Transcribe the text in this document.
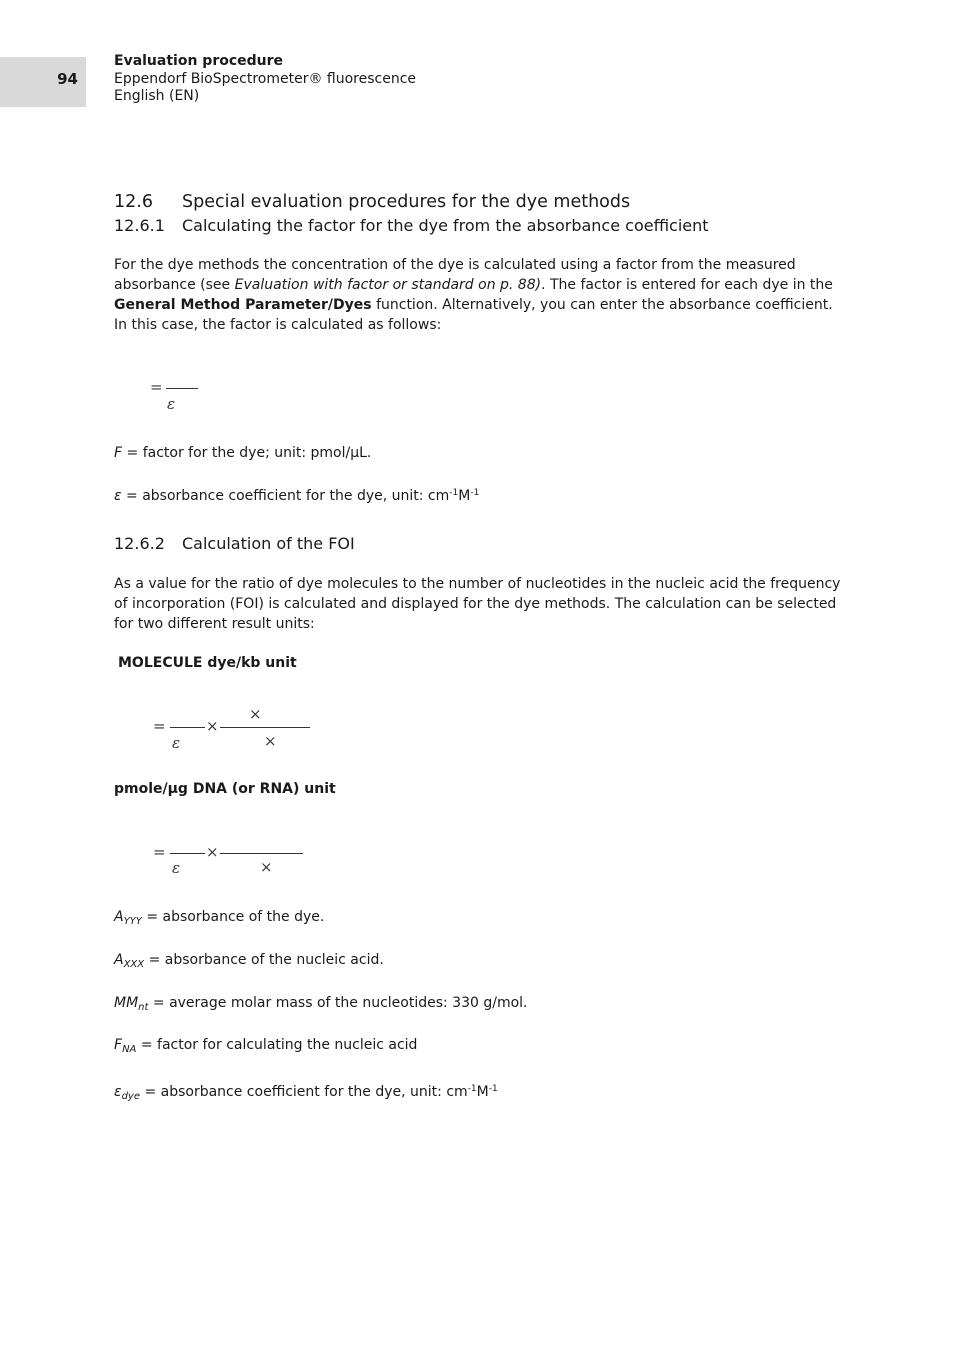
94
Evaluation procedure
Eppendorf BioSpectrometer® fluorescence
English (EN)
12.6 Special evaluation procedures for the dye methods
12.6.1 Calculating the factor for the dye from the absorbance coefficient
For the dye methods the concentration of the dye is calculated using a factor from the measured absorbance (see Evaluation with factor or standard on p. 88). The factor is entered for each dye in the General Method Parameter/Dyes function. Alternatively, you can enter the absorbance coefficient. In this case, the factor is calculated as follows:
=
ε
F = factor for the dye; unit: pmol/µL.
ε = absorbance coefficient for the dye, unit: $cm^{-1}M^{-1}$
12.6.2 Calculation of the FOI
As a value for the ratio of dye molecules to the number of nucleotides in the nucleic acid the frequency of incorporation (FOI) is calculated and displayed for the dye methods. The calculation can be selected for two different result units:
MOLECULE dye/kb unit
=
ε
×
×
×
pmole/µg DNA (or RNA) unit
=
ε
×
×
$A_{YYY}$ = absorbance of the dye.
$A_{XXX}$ = absorbance of the nucleic acid.
$MM_{nt}$ = average molar mass of the nucleotides: 330 g/mol.
$F_{NA}$ = factor for calculating the nucleic acid
$\varepsilon_{dye}$ = absorbance coefficient for the dye, unit: $cm^{-1}M^{-1}$
